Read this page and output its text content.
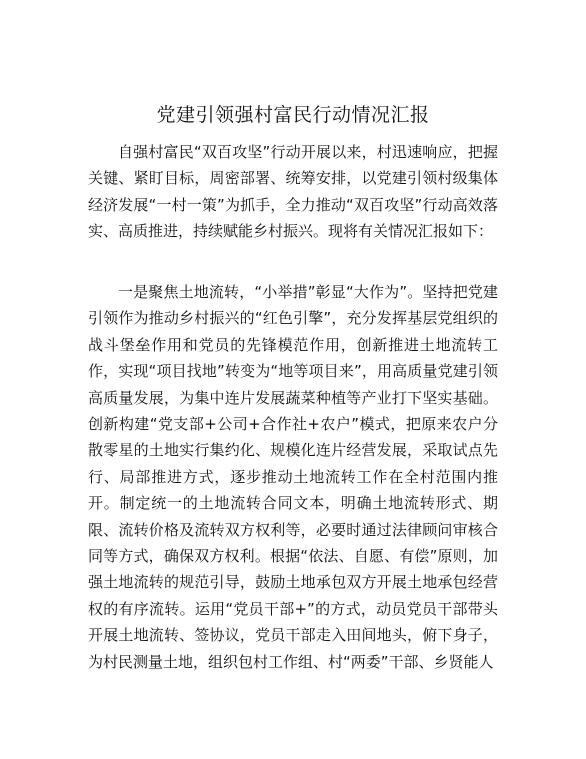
党建引领强村富民行动情况汇报

自强村富民“双百攻坚”行动开展以来，村迅速响应，把握关键、紧盯目标，周密部署、统筹安排，以党建引领村级集体经济发展“一村一策”为抓手，全力推动“双百攻坚”行动高效落实、高质推进，持续赋能乡村振兴。现将有关情况汇报如下：

一是聚焦土地流转，“小举措”彰显“大作为”。坚持把党建引领作为推动乡村振兴的“红色引擎”，充分发挥基层党组织的战斗堡垒作用和党员的先锋模范作用，创新推进土地流转工作，实现“项目找地”转变为“地等项目来”，用高质量党建引领高质量发展，为集中连片发展蔬菜种植等产业打下坚实基础。创新构建“党支部+公司+合作社+农户”模式，把原来农户分散零星的土地实行集约化、规模化连片经营发展，采取试点先行、局部推进方式，逐步推动土地流转工作在全村范围内推开。制定统一的土地流转合同文本，明确土地流转形式、期限、流转价格及流转双方权利等，必要时通过法律顾问审核合同等方式，确保双方权利。根据“依法、自愿、有偿”原则，加强土地流转的规范引导，鼓励土地承包双方开展土地承包经营权的有序流转。运用“党员干部+”的方式，动员党员干部带头开展土地流转、签协议，党员干部走入田间地头，俯下身子，为村民测量土地，组织包村工作组、村“两委”干部、乡贤能人
